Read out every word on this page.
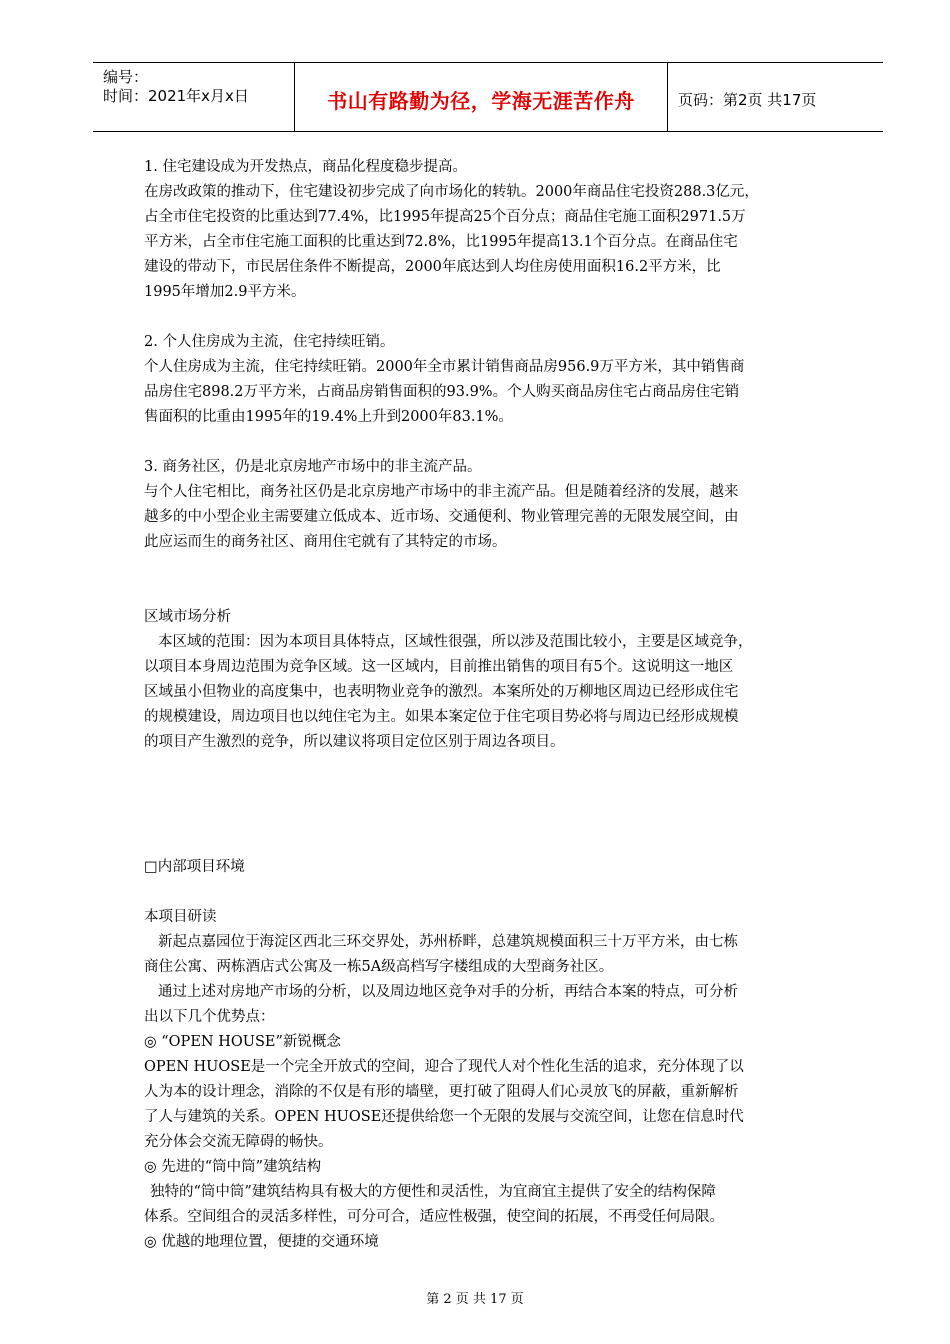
编号：
时间：2021年x月x日	书山有路勤为径，学海无涯苦作舟	页码：第2页 共17页
1. 住宅建设成为开发热点，商品化程度稳步提高。
在房改政策的推动下，住宅建设初步完成了向市场化的转轨。2000年商品住宅投资288.3亿元，
占全市住宅投资的比重达到77.4%，比1995年提高25个百分点；商品住宅施工面积2971.5万
平方米，占全市住宅施工面积的比重达到72.8%，比1995年提高13.1个百分点。在商品住宅
建设的带动下，市民居住条件不断提高，2000年底达到人均住房使用面积16.2平方米，比
1995年增加2.9平方米。
2. 个人住房成为主流，住宅持续旺销。
个人住房成为主流，住宅持续旺销。2000年全市累计销售商品房956.9万平方米，其中销售商
品房住宅898.2万平方米，占商品房销售面积的93.9%。个人购买商品房住宅占商品房住宅销
售面积的比重由1995年的19.4%上升到2000年83.1%。
3. 商务社区，仍是北京房地产市场中的非主流产品。
与个人住宅相比，商务社区仍是北京房地产市场中的非主流产品。但是随着经济的发展，越来
越多的中小型企业主需要建立低成本、近市场、交通便利、物业管理完善的无限发展空间，由
此应运而生的商务社区、商用住宅就有了其特定的市场。
区域市场分析
本区域的范围：因为本项目具体特点，区域性很强，所以涉及范围比较小，主要是区域竞争，
以项目本身周边范围为竞争区域。这一区域内，目前推出销售的项目有5个。这说明这一地区
区域虽小但物业的高度集中，也表明物业竞争的激烈。本案所处的万柳地区周边已经形成住宅
的规模建设，周边项目也以纯住宅为主。如果本案定位于住宅项目势必将与周边已经形成规模
的项目产生激烈的竞争，所以建议将项目定位区别于周边各项目。
□内部项目环境
本项目研读
新起点嘉园位于海淀区西北三环交界处，苏州桥畔，总建筑规模面积三十万平方米，由七栋
商住公寓、两栋酒店式公寓及一栋5A级高档写字楼组成的大型商务社区。
通过上述对房地产市场的分析，以及周边地区竞争对手的分析，再结合本案的特点，可分析
出以下几个优势点：
◎ “OPEN HOUSE”新锐概念
OPEN HUOSE是一个完全开放式的空间，迎合了现代人对个性化生活的追求，充分体现了以
人为本的设计理念，消除的不仅是有形的墙壁，更打破了阻碍人们心灵放飞的屏蔽，重新解析
了人与建筑的关系。OPEN HUOSE还提供给您一个无限的发展与交流空间，让您在信息时代
充分体会交流无障碍的畅快。
◎ 先进的“筒中筒”建筑结构
独特的“筒中筒”建筑结构具有极大的方便性和灵活性，为宜商宜主提供了安全的结构保障
体系。空间组合的灵活多样性，可分可合，适应性极强，使空间的拓展，不再受任何局限。
◎ 优越的地理位置，便捷的交通环境
第 2 页 共 17 页
